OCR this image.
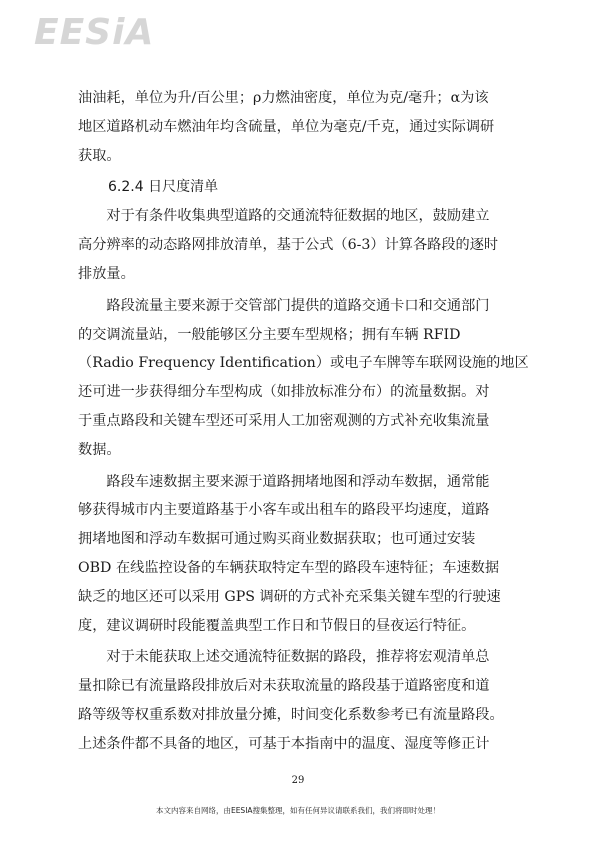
EESiA

油油耗，单位为升/百公里；ρ力燃油密度，单位为克/毫升；α为该
地区道路机动车燃油年均含硫量，单位为毫克/千克，通过实际调研
获取。

6.2.4 日尺度清单

　　对于有条件收集典型道路的交通流特征数据的地区，鼓励建立
高分辨率的动态路网排放清单，基于公式（6-3）计算各路段的逐时
排放量。

　　路段流量主要来源于交管部门提供的道路交通卡口和交通部门
的交调流量站，一般能够区分主要车型规格；拥有车辆 RFID
（Radio Frequency Identification）或电子车牌等车联网设施的地区
还可进一步获得细分车型构成（如排放标准分布）的流量数据。对
于重点路段和关键车型还可采用人工加密观测的方式补充收集流量
数据。

　　路段车速数据主要来源于道路拥堵地图和浮动车数据，通常能
够获得城市内主要道路基于小客车或出租车的路段平均速度，道路
拥堵地图和浮动车数据可通过购买商业数据获取；也可通过安装
OBD 在线监控设备的车辆获取特定车型的路段车速特征；车速数据
缺乏的地区还可以采用 GPS 调研的方式补充采集关键车型的行驶速
度，建议调研时段能覆盖典型工作日和节假日的昼夜运行特征。

　　对于未能获取上述交通流特征数据的路段，推荐将宏观清单总
量扣除已有流量路段排放后对未获取流量的路段基于道路密度和道
路等级等权重系数对排放量分摊，时间变化系数参考已有流量路段。
上述条件都不具备的地区，可基于本指南中的温度、湿度等修正计

29
本文内容来自网络，由EESIA搜集整理，如有任何异议请联系我们，我们将即时处理！
